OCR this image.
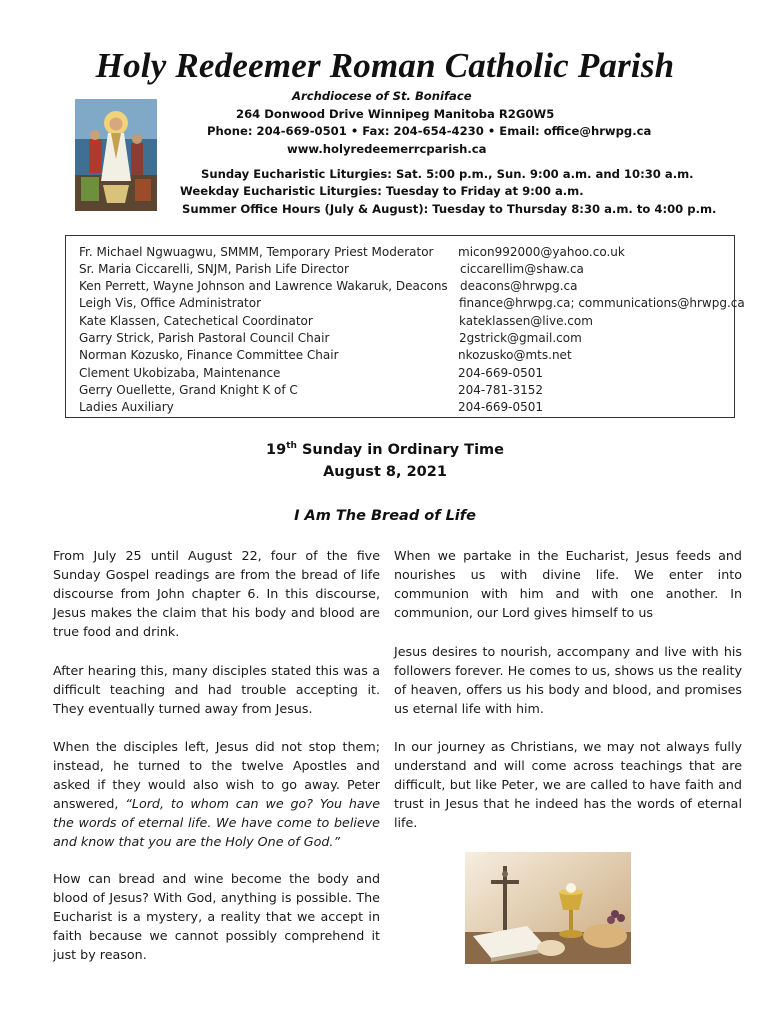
Holy Redeemer Roman Catholic Parish
Archdiocese of St. Boniface
264 Donwood Drive Winnipeg Manitoba R2G0W5
Phone: 204-669-0501 • Fax: 204-654-4230 • Email: office@hrwpg.ca
www.holyredeemerrcparish.ca
Sunday Eucharistic Liturgies: Sat. 5:00 p.m., Sun. 9:00 a.m. and 10:30 a.m.
Weekday Eucharistic Liturgies: Tuesday to Friday at 9:00 a.m.
Summer Office Hours (July & August): Tuesday to Thursday 8:30 a.m. to 4:00 p.m.
Fr. Michael Ngwuagwu, SMMM, Temporary Priest Moderator micon992000@yahoo.co.uk
Sr. Maria Ciccarelli, SNJM, Parish Life Director	ciccarellim@shaw.ca
Ken Perrett, Wayne Johnson and Lawrence Wakaruk, Deacons deacons@hrwpg.ca
Leigh Vis, Office Administrator	finance@hrwpg.ca; communications@hrwpg.ca
Kate Klassen, Catechetical Coordinator	kateklassen@live.com
Garry Strick, Parish Pastoral Council Chair	2gstrick@gmail.com
Norman Kozusko, Finance Committee Chair	nkozusko@mts.net
Clement Ukobizaba, Maintenance	204-669-0501
Gerry Ouellette, Grand Knight K of C	204-781-3152
Ladies Auxiliary	204-669-0501
19th Sunday in Ordinary Time
August 8, 2021
I Am The Bread of Life

From July 25 until August 22, four of the five Sunday Gospel readings are from the bread of life discourse from John chapter 6. In this discourse, Jesus makes the claim that his body and blood are true food and drink.

After hearing this, many disciples stated this was a difficult teaching and had trouble accepting it. They eventually turned away from Jesus.

When the disciples left, Jesus did not stop them; instead, he turned to the twelve Apostles and asked if they would also wish to go away. Peter answered, “Lord, to whom can we go? You have the words of eternal life. We have come to believe and know that you are the Holy One of God.”

How can bread and wine become the body and blood of Jesus? With God, anything is possible. The Eucharist is a mystery, a reality that we accept in faith because we cannot possibly comprehend it just by reason.

When we partake in the Eucharist, Jesus feeds and nourishes us with divine life. We enter into communion with him and with one another. In communion, our Lord gives himself to us

Jesus desires to nourish, accompany and live with his followers forever. He comes to us, shows us the reality of heaven, offers us his body and blood, and promises us eternal life with him.

In our journey as Christians, we may not always fully understand and will come across teachings that are difficult, but like Peter, we are called to have faith and trust in Jesus that he indeed has the words of eternal life.
